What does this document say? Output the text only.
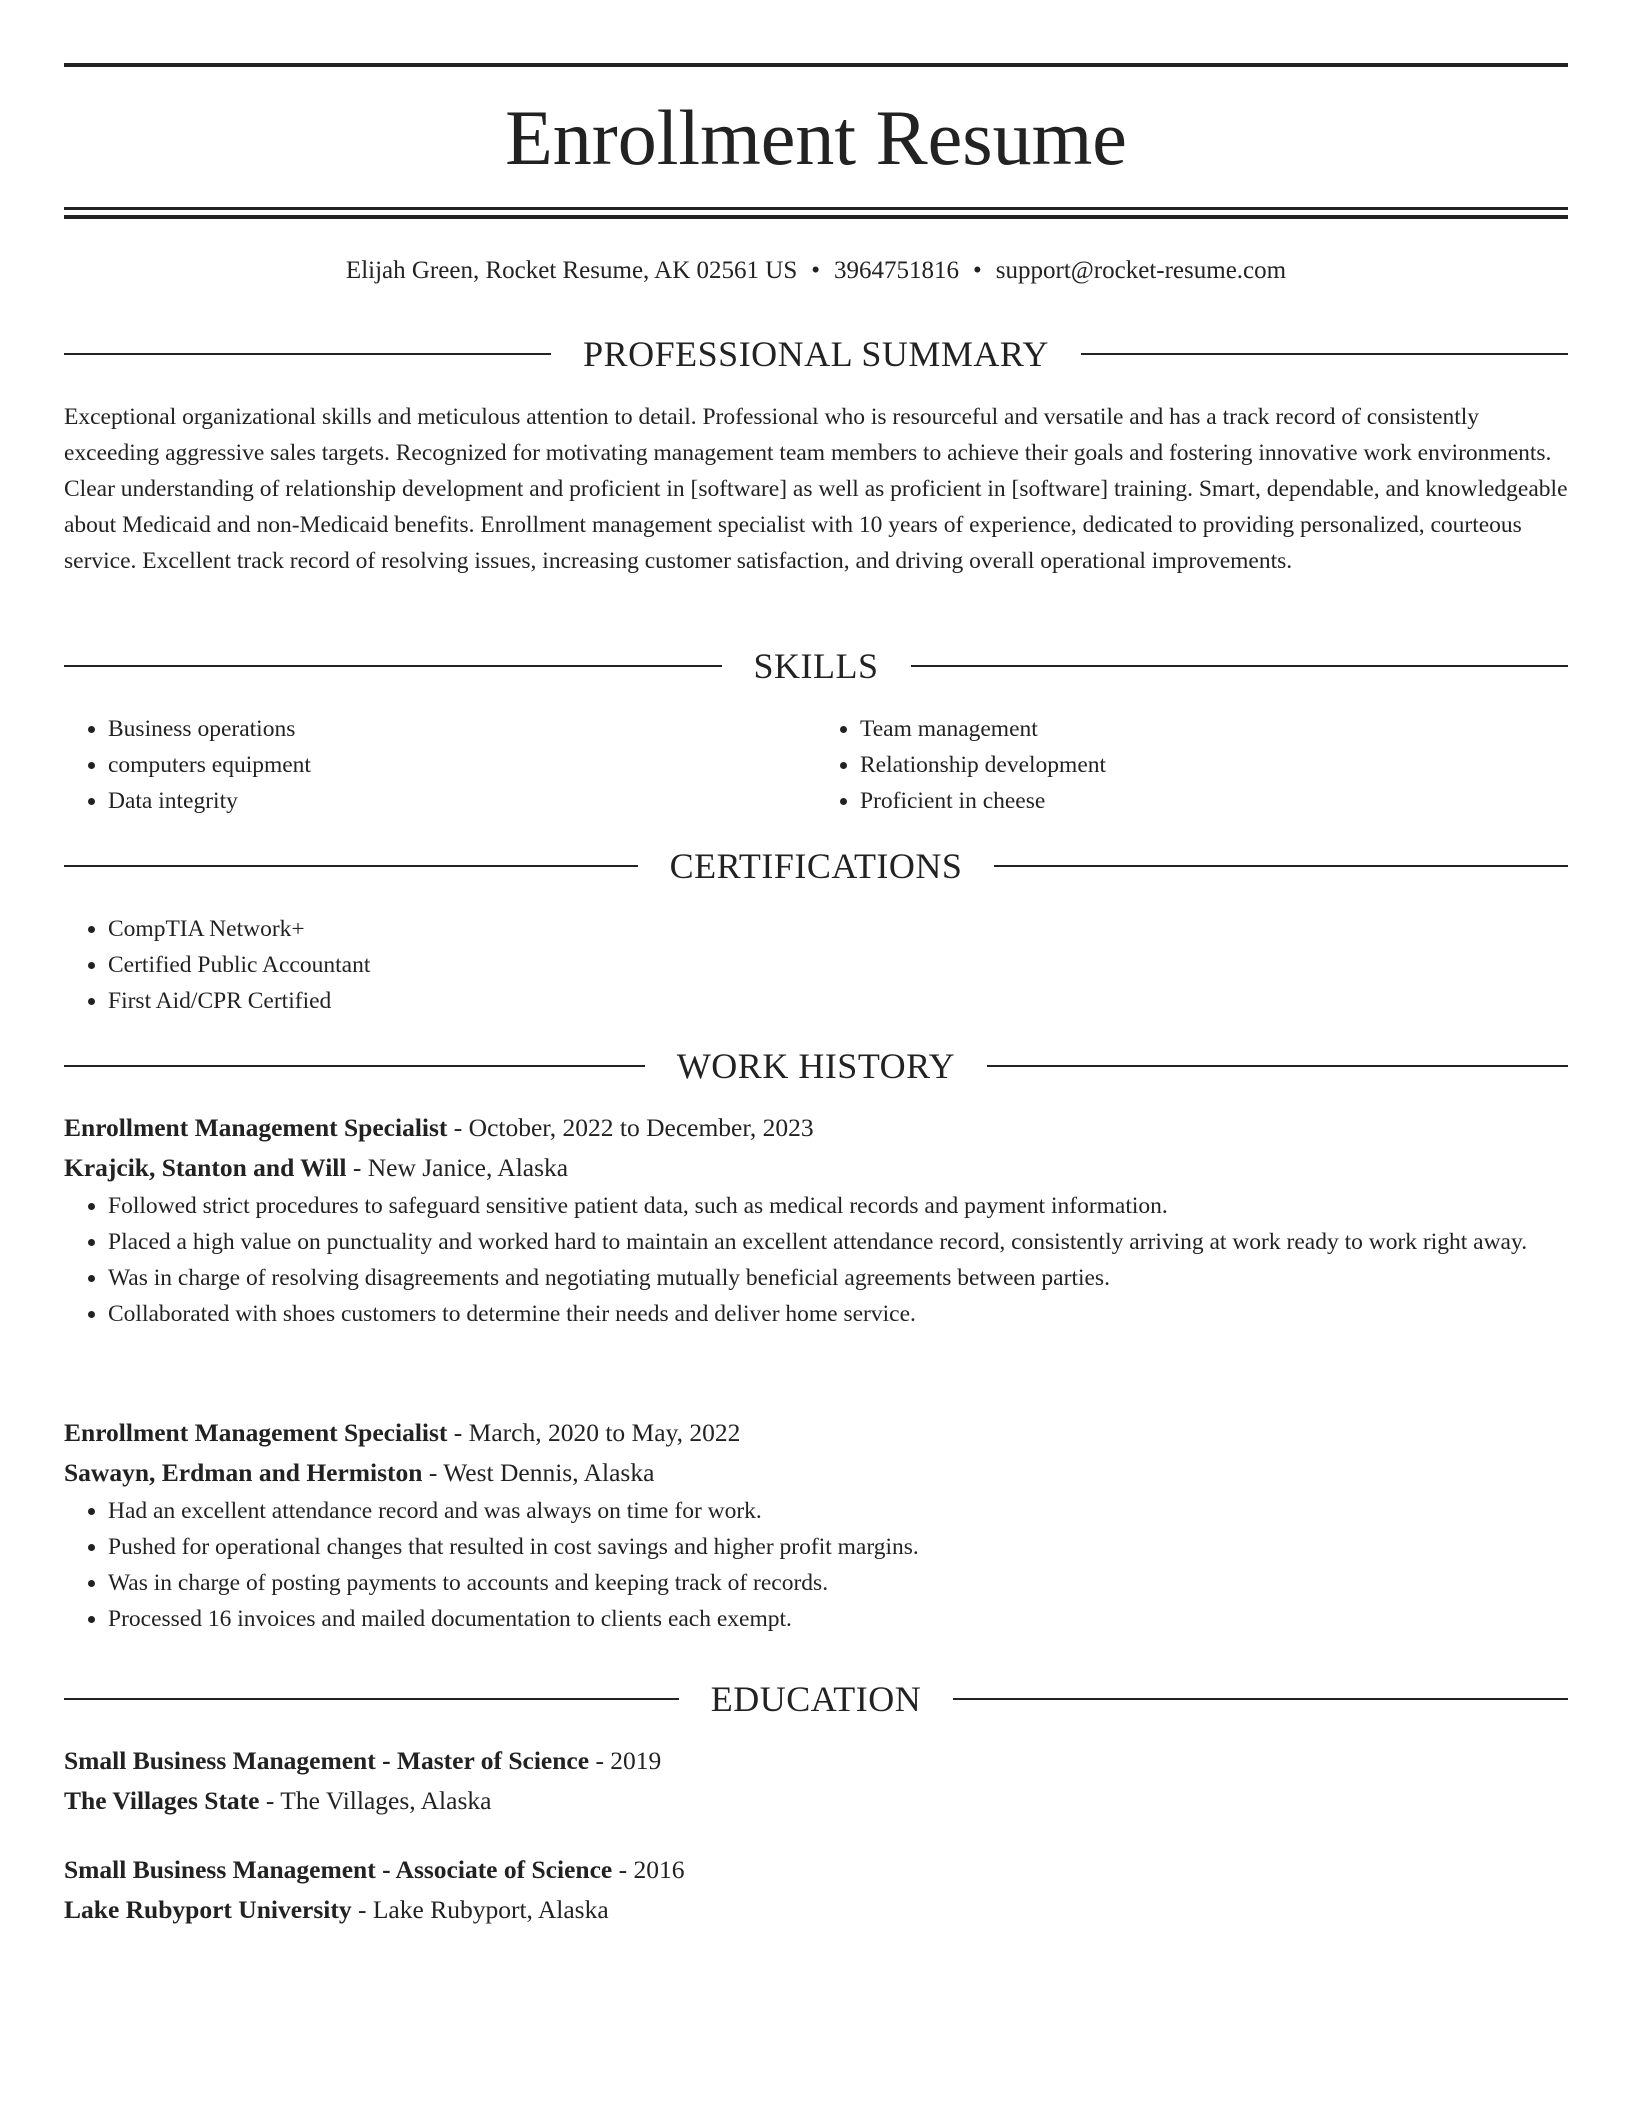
Enrollment Resume
Elijah Green, Rocket Resume, AK 02561 US • 3964751816 • support@rocket-resume.com
PROFESSIONAL SUMMARY

Exceptional organizational skills and meticulous attention to detail. Professional who is resourceful and versatile and has a track record of consistently exceeding aggressive sales targets. Recognized for motivating management team members to achieve their goals and fostering innovative work environments. Clear understanding of relationship development and proficient in [software] as well as proficient in [software] training. Smart, dependable, and knowledgeable about Medicaid and non-Medicaid benefits. Enrollment management specialist with 10 years of experience, dedicated to providing personalized, courteous service. Excellent track record of resolving issues, increasing customer satisfaction, and driving overall operational improvements.

SKILLS
• Business operations
• computers equipment
• Data integrity
• Team management
• Relationship development
• Proficient in cheese
CERTIFICATIONS
• CompTIA Network+
• Certified Public Accountant
• First Aid/CPR Certified
WORK HISTORY
Enrollment Management Specialist - October, 2022 to December, 2023
Krajcik, Stanton and Will - New Janice, Alaska
• Followed strict procedures to safeguard sensitive patient data, such as medical records and payment information.
• Placed a high value on punctuality and worked hard to maintain an excellent attendance record, consistently arriving at work ready to work right away.
• Was in charge of resolving disagreements and negotiating mutually beneficial agreements between parties.
• Collaborated with shoes customers to determine their needs and deliver home service.
Enrollment Management Specialist - March, 2020 to May, 2022
Sawayn, Erdman and Hermiston - West Dennis, Alaska
• Had an excellent attendance record and was always on time for work.
• Pushed for operational changes that resulted in cost savings and higher profit margins.
• Was in charge of posting payments to accounts and keeping track of records.
• Processed 16 invoices and mailed documentation to clients each exempt.
EDUCATION
Small Business Management - Master of Science - 2019
The Villages State - The Villages, Alaska
Small Business Management - Associate of Science - 2016
Lake Rubyport University - Lake Rubyport, Alaska
